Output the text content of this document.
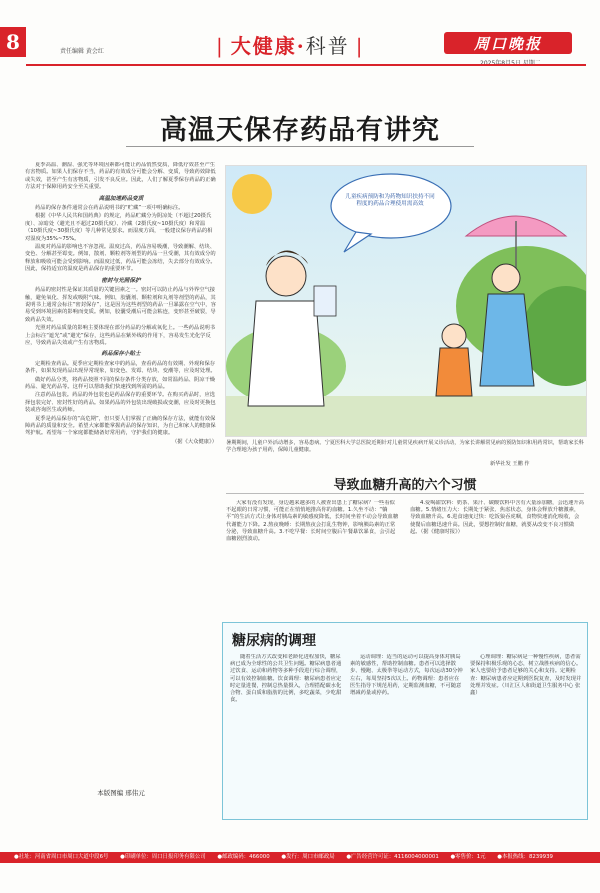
8	责任编辑 黄会红	| 大健康·科普 |	周口晚报
高温天保存药品有讲究

夏季高温、潮湿、强光等环境因素都可能让药品悄然变质，降低疗效甚至产生有害物质。如果人们保存不当，药品的有效成分可能会分解、变质，导致药效降低或失效，甚至产生有害物质，引发不良反应。因此，人们了解夏季保存药品的正确方法对于保障用药安全至关重要。

高温加速药品变质

药品的保存条件通常会在药品说明书的“贮藏”一项中明确标注。

根据《中华人民共和国药典》的规定，药品贮藏分为阴凉处（不超过20摄氏度）、凉暗处（避光且不超过20摄氏度）、冷藏（2摄氏度~10摄氏度）和常温（10摄氏度~30摄氏度）等几种常见要求。而湿度方面，一般建议保存药品的相对湿度为35%~75%。

温度对药品的影响也不容忽视。温度过高，药品容易吸潮，导致潮解、结块、变色、分解甚至霉变。例如，散剂、颗粒剂等剂型的药品一旦受潮，其有效成分的释放和吸收可能会受到影响。而温度过低，药品可能会冻结，失去部分有效成分。因此，保持适宜的温度是药品保存的重要环节。

密封与光照保护

药品的密封性是保证其质量的关键因素之一。密封可以防止药品与外界空气接触，避免氧化、挥发或吸附气味。例如，胶囊剂、颗粒剂和丸剂等剂型的药品，其说明书上通常会标注“密封保存”，这是因为这些剂型的药品一旦暴露在空气中，容易受到环境因素的影响而变质。例如，胶囊受潮后可能会粘连，变形甚至破裂，导致药品失效。

光照对药品质量的影响主要体现在部分药品的分解或氧化上。一些药品说明书上会标注“遮光”或“避光”保存，这些药品在紫外线的作用下，容易发生光化学反应，导致药品失效或产生有害物质。

药品保存小贴士

定期检查药品。夏季应定期检查家中的药品，查看药品的有效期、外观和保存条件，如果发现药品出现异常现象，如变色、发霉、结块、变潮等，应及时处理。

做好药品分类，将药品按照不同的保存条件分类存放，如常温药品、阴凉干燥药品、避光药品等。这样可以帮助我们快速找到所需的药品。

注意药品包装。药品的外包装也是药品保存的重要环节。在购买药品时，应选择包装完好、密封性好的药品。如果药品的外包装出现破损或变潮，应及时更换包装或咨询医生或药师。

夏季是药品保存的“高危期”，但只要人们掌握了正确的保存方法，就能有效保障药品的质量和安全。希望大家都能掌握药品的保存知识，为自己和家人的健康保驾护航。希望每一个家庭都能储备好常用药，守护我们的健康。

（据《大众健康》）

本版图编 邢伟元
儿童疾病预防和为药物知识扶持不同程度的药品合理使用需高效
暑期期间，儿童户外活动增多，容易患病。宁夏医科大学总医院近期针对儿童常见疾病开展义诊活动，为家长讲解常见病的预防知识和用药常识，帮助家长科学合理地为孩子用药，保障儿童健康。
新华社发 王鹏 作
导致血糖升高的六个习惯

大家有没有发现，身边越来越多的人被查出患上了糖尿病？一些看似不起眼的日常习惯，可能正在悄悄地推高你的血糖。1.久坐不动：“躺平”的生活方式让身体对胰岛素的敏感度降低，长时间坐着不动会导致血糖代谢能力下降。2.熬夜晚睡：长期熬夜会打乱生物钟，影响胰岛素的正常分泌，导致血糖升高。3.不吃早餐：长时间空腹后午餐暴饮暴食，会引起血糖剧烈波动。

4.爱喝甜饮料：奶茶、果汁、碳酸饮料中含有大量添加糖，会迅速升高血糖。5.情绪压力大：长期处于紧张、焦虑状态，身体会释放升糖激素，导致血糖升高。6.进食速度过快：吃饭狼吞虎咽，食物快速消化吸收，会使餐后血糖迅速升高。因此，要想控制好血糖，就要从改变不良习惯做起。（据《健康时报》）

糖尿病的调理

随着生活方式改变和老龄化进程加快，糖尿病已成为全球性的公共卫生问题。糖尿病患者通过饮食、运动和药物等多种手段进行综合调理，可以有效控制血糖。饮食调理：糖尿病患者应定时定量进餐，控制总热量摄入，合理搭配碳水化合物、蛋白质和脂肪的比例，多吃蔬菜，少吃甜食。

运动调理：适当的运动可以提高身体对胰岛素的敏感性，帮助控制血糖。患者可以选择散步、慢跑、太极拳等运动方式，每次运动30分钟左右，每周坚持5次以上。药物调理：患者应在医生指导下规范用药，定期监测血糖，不可随意增减药量或停药。

心理调理：糖尿病是一种慢性疾病，患者需要保持积极乐观的心态，树立战胜疾病的信心。家人也要给予患者足够的关心和支持。定期检查：糖尿病患者应定期到医院复查，及时发现并处理并发症。（川汇区人和街道卫生服务中心 张鑫）

●社址：河南省周口市周口大道中段6号 ●印刷单位：周口日报印务有限公司 ●邮政编码：466000 ●发行：周口市邮政局 ●广告经营许可证：4116004000001 ●零售价：1元 ●本报热线：8239939
